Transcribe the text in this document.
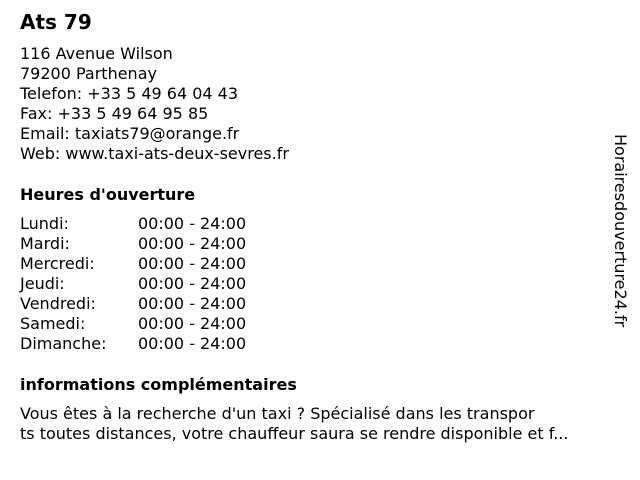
Ats 79
116 Avenue Wilson
79200 Parthenay
Telefon: +33 5 49 64 04 43
Fax: +33 5 49 64 95 85
Email: taxiats79@orange.fr
Web: www.taxi-ats-deux-sevres.fr
Heures d'ouverture
Lundi:	00:00 - 24:00
Mardi:	00:00 - 24:00
Mercredi:	00:00 - 24:00
Jeudi:	00:00 - 24:00
Vendredi:	00:00 - 24:00
Samedi:	00:00 - 24:00
Dimanche: 00:00 - 24:00
informations complémentaires
Vous êtes à la recherche d'un taxi ? Spécialisé dans les transpor
ts toutes distances, votre chauffeur saura se rendre disponible et f...
Horairesdouverture24.fr
